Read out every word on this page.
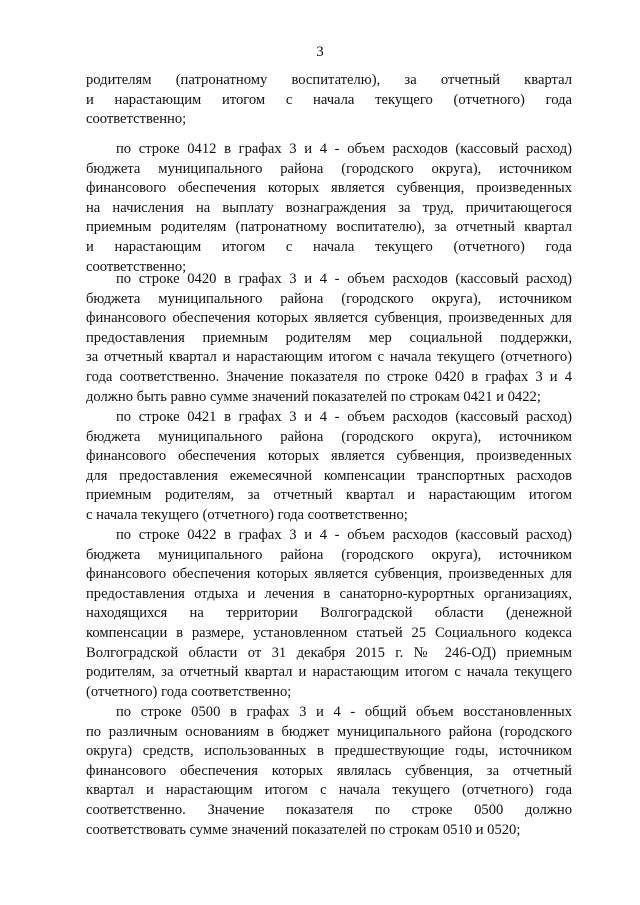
3
родителям (патронатному воспитателю), за отчетный квартал
и нарастающим итогом с начала текущего (отчетного) года
соответственно;
по строке 0412 в графах 3 и 4 - объем расходов (кассовый расход)
бюджета муниципального района (городского округа), источником
финансового обеспечения которых является субвенция, произведенных
на начисления на выплату вознаграждения за труд, причитающегося
приемным родителям (патронатному воспитателю), за отчетный квартал
и нарастающим итогом с начала текущего (отчетного) года
соответственно;
по строке 0420 в графах 3 и 4 - объем расходов (кассовый расход)
бюджета муниципального района (городского округа), источником
финансового обеспечения которых является субвенция, произведенных для
предоставления приемным родителям мер социальной поддержки,
за отчетный квартал и нарастающим итогом с начала текущего (отчетного)
года соответственно. Значение показателя по строке 0420 в графах 3 и 4
должно быть равно сумме значений показателей по строкам 0421 и 0422;
по строке 0421 в графах 3 и 4 - объем расходов (кассовый расход)
бюджета муниципального района (городского округа), источником
финансового обеспечения которых является субвенция, произведенных
для предоставления ежемесячной компенсации транспортных расходов
приемным родителям, за отчетный квартал и нарастающим итогом
с начала текущего (отчетного) года соответственно;
по строке 0422 в графах 3 и 4 - объем расходов (кассовый расход)
бюджета муниципального района (городского округа), источником
финансового обеспечения которых является субвенция, произведенных для
предоставления отдыха и лечения в санаторно-курортных организациях,
находящихся на территории Волгоградской области (денежной
компенсации в размере, установленном статьей 25 Социального кодекса
Волгоградской области от 31 декабря 2015 г. № 246-ОД) приемным
родителям, за отчетный квартал и нарастающим итогом с начала текущего
(отчетного) года соответственно;
по строке 0500 в графах 3 и 4 - общий объем восстановленных
по различным основаниям в бюджет муниципального района (городского
округа) средств, использованных в предшествующие годы, источником
финансового обеспечения которых являлась субвенция, за отчетный
квартал и нарастающим итогом с начала текущего (отчетного) года
соответственно. Значение показателя по строке 0500 должно
соответствовать сумме значений показателей по строкам 0510 и 0520;
